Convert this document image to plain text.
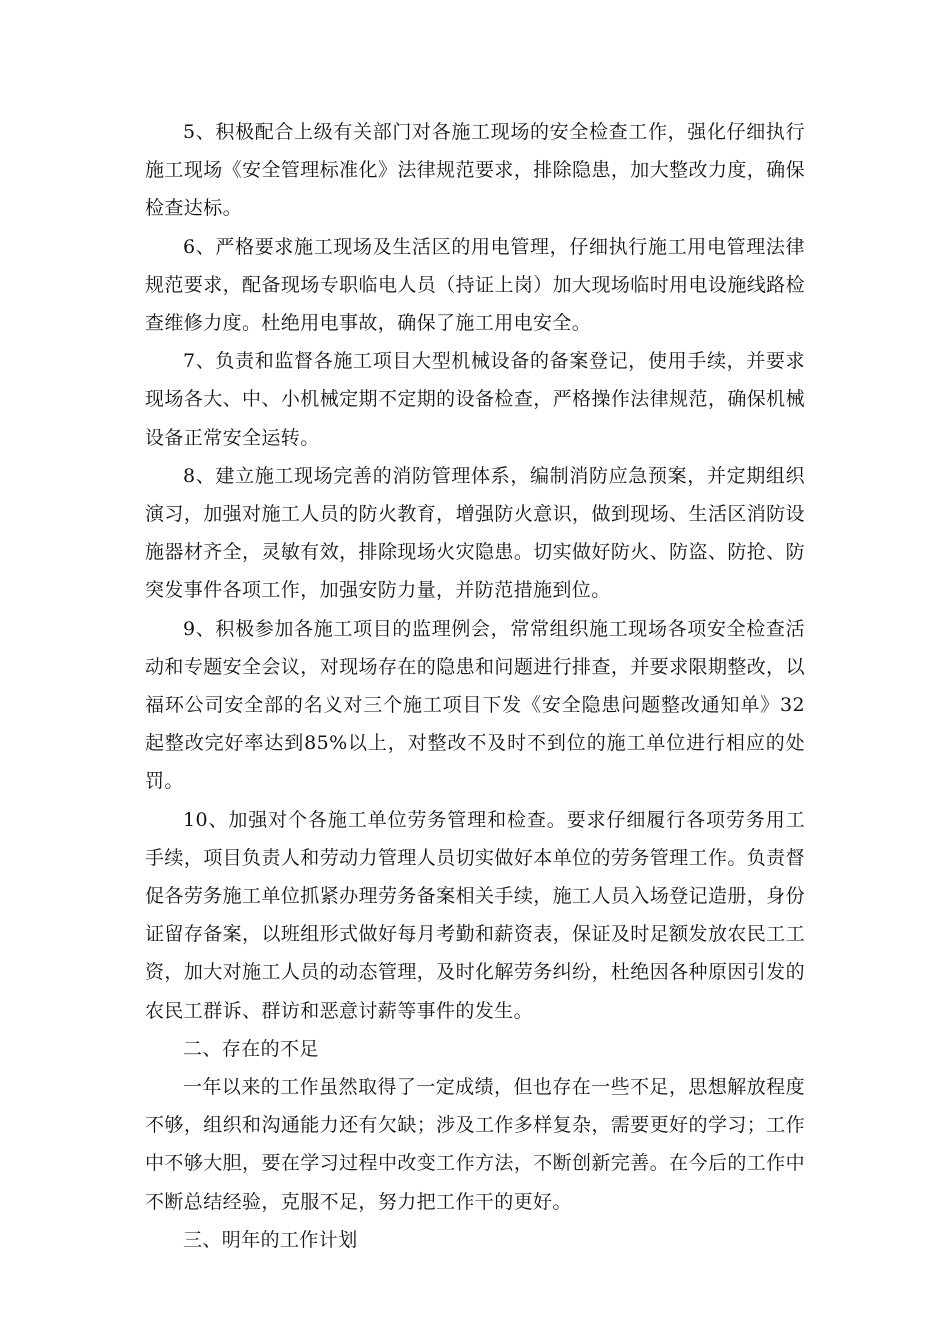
5、积极配合上级有关部门对各施工现场的安全检查工作，强化仔细执行施工现场《安全管理标准化》法律规范要求，排除隐患，加大整改力度，确保检查达标。

6、严格要求施工现场及生活区的用电管理，仔细执行施工用电管理法律规范要求，配备现场专职临电人员（持证上岗）加大现场临时用电设施线路检查维修力度。杜绝用电事故，确保了施工用电安全。

7、负责和监督各施工项目大型机械设备的备案登记，使用手续，并要求现场各大、中、小机械定期不定期的设备检查，严格操作法律规范，确保机械设备正常安全运转。

8、建立施工现场完善的消防管理体系，编制消防应急预案，并定期组织演习，加强对施工人员的防火教育，增强防火意识，做到现场、生活区消防设施器材齐全，灵敏有效，排除现场火灾隐患。切实做好防火、防盗、防抢、防突发事件各项工作，加强安防力量，并防范措施到位。

9、积极参加各施工项目的监理例会，常常组织施工现场各项安全检查活动和专题安全会议，对现场存在的隐患和问题进行排查，并要求限期整改，以福环公司安全部的名义对三个施工项目下发《安全隐患问题整改通知单》32起整改完好率达到85%以上，对整改不及时不到位的施工单位进行相应的处罚。

10、加强对个各施工单位劳务管理和检查。要求仔细履行各项劳务用工手续，项目负责人和劳动力管理人员切实做好本单位的劳务管理工作。负责督促各劳务施工单位抓紧办理劳务备案相关手续，施工人员入场登记造册，身份证留存备案，以班组形式做好每月考勤和薪资表，保证及时足额发放农民工工资，加大对施工人员的动态管理，及时化解劳务纠纷，杜绝因各种原因引发的农民工群诉、群访和恶意讨薪等事件的发生。

二、存在的不足

一年以来的工作虽然取得了一定成绩，但也存在一些不足，思想解放程度不够，组织和沟通能力还有欠缺；涉及工作多样复杂，需要更好的学习；工作中不够大胆，要在学习过程中改变工作方法，不断创新完善。在今后的工作中不断总结经验，克服不足，努力把工作干的更好。

三、明年的工作计划
